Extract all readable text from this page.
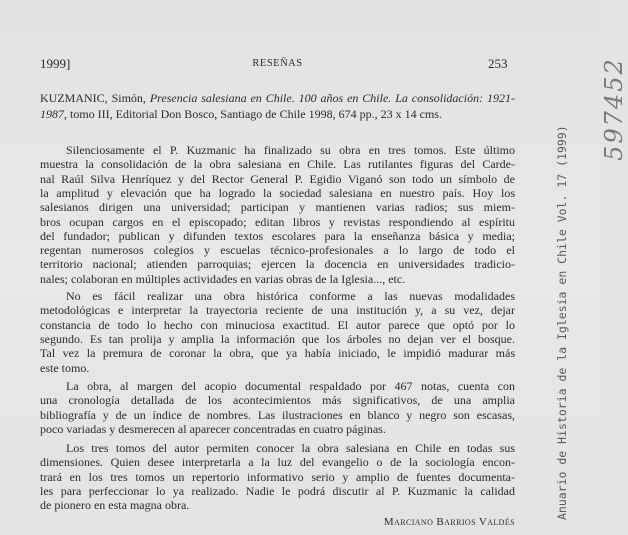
1999]	RESEÑAS	253
KUZMANIC, Simón, Presencia salesiana en Chile. 100 años en Chile. La consolidación: 1921-
1987, tomo III, Editorial Don Bosco, Santiago de Chile 1998, 674 pp., 23 x 14 cms.
Silenciosamente el P. Kuzmanic ha finalizado su obra en tres tomos. Este último
muestra la consolidación de la obra salesiana en Chile. Las rutilantes figuras del Carde-
nal Raúl Silva Henríquez y del Rector General P. Egidio Viganó son todo un símbolo de
la amplitud y elevación que ha logrado la sociedad salesiana en nuestro país. Hoy los
salesianos dirigen una universidad; participan y mantienen varias radios; sus miem-
bros ocupan cargos en el episcopado; editan libros y revistas respondiendo al espíritu
del fundador; publican y difunden textos escolares para la enseñanza básica y media;
regentan numerosos colegios y escuelas técnico-profesionales a lo largo de todo el
territorio nacional; atienden parroquias; ejercen la docencia en universidades tradicio-
nales; colaboran en múltiples actividades en varias obras de la Iglesia..., etc.
No es fácil realizar una obra histórica conforme a las nuevas modalidades
metodológicas e interpretar la trayectoria reciente de una institución y, a su vez, dejar
constancia de todo lo hecho con minuciosa exactitud. El autor parece que optó por lo
segundo. Es tan prolija y amplia la información que los árboles no dejan ver el bosque.
Tal vez la premura de coronar la obra, que ya había iniciado, le impidió madurar más
este tomo.
La obra, al margen del acopio documental respaldado por 467 notas, cuenta con
una cronología detallada de los acontecimientos más significativos, de una amplia
bibliografía y de un índice de nombres. Las ilustraciones en blanco y negro son escasas,
poco variadas y desmerecen al aparecer concentradas en cuatro páginas.
Los tres tomos del autor permiten conocer la obra salesiana en Chile en todas sus
dimensiones. Quien desee interpretarla a la luz del evangelio o de la sociología encon-
trará en los tres tomos un repertorio informativo serio y amplio de fuentes documenta-
les para perfeccionar lo ya realizado. Nadie le podrá discutir al P. Kuzmanic la calidad
de pionero en esta magna obra.
Marciano Barrios Valdés
Anuario de Historia de la Iglesia en Chile Vol. 17 (1999)
597452
